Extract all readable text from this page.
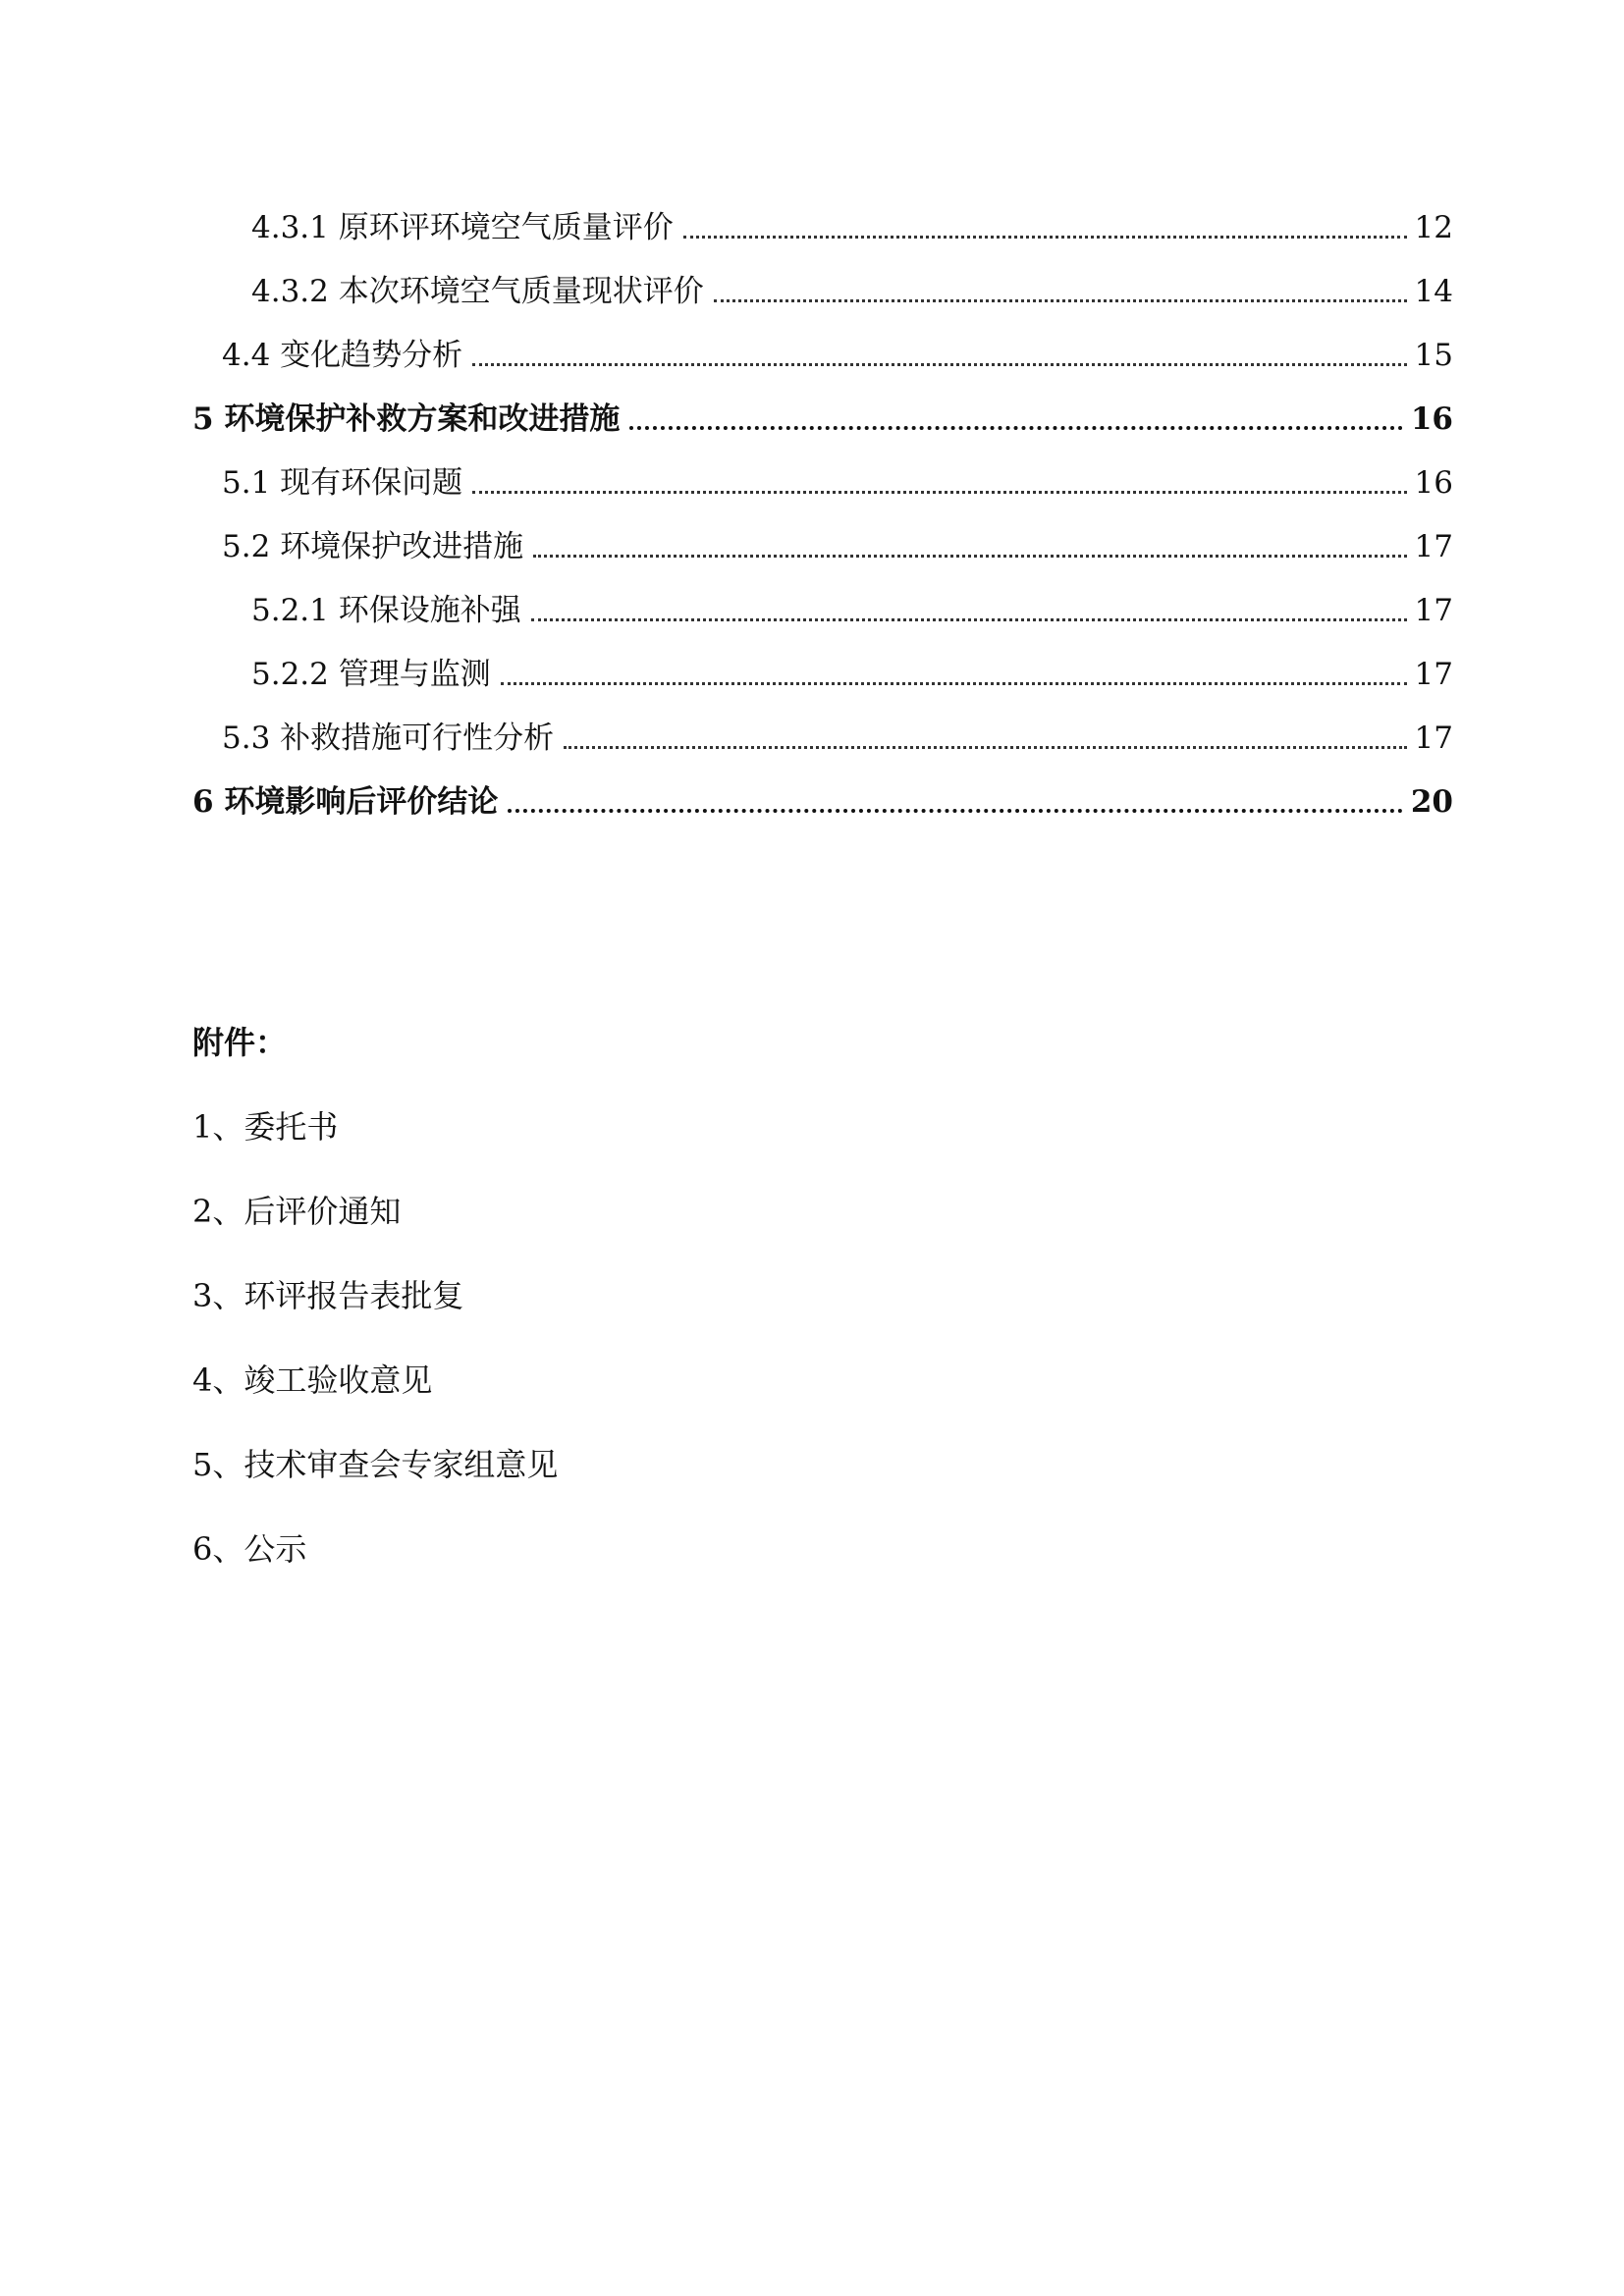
4.3.1 原环评环境空气质量评价	12
4.3.2 本次环境空气质量现状评价	14
4.4 变化趋势分析	15
5 环境保护补救方案和改进措施	16
5.1 现有环保问题	16
5.2 环境保护改进措施	17
5.2.1 环保设施补强	17
5.2.2 管理与监测	17
5.3 补救措施可行性分析	17
6 环境影响后评价结论	20
附件：
1、委托书
2、后评价通知
3、环评报告表批复
4、竣工验收意见
5、技术审查会专家组意见
6、公示
